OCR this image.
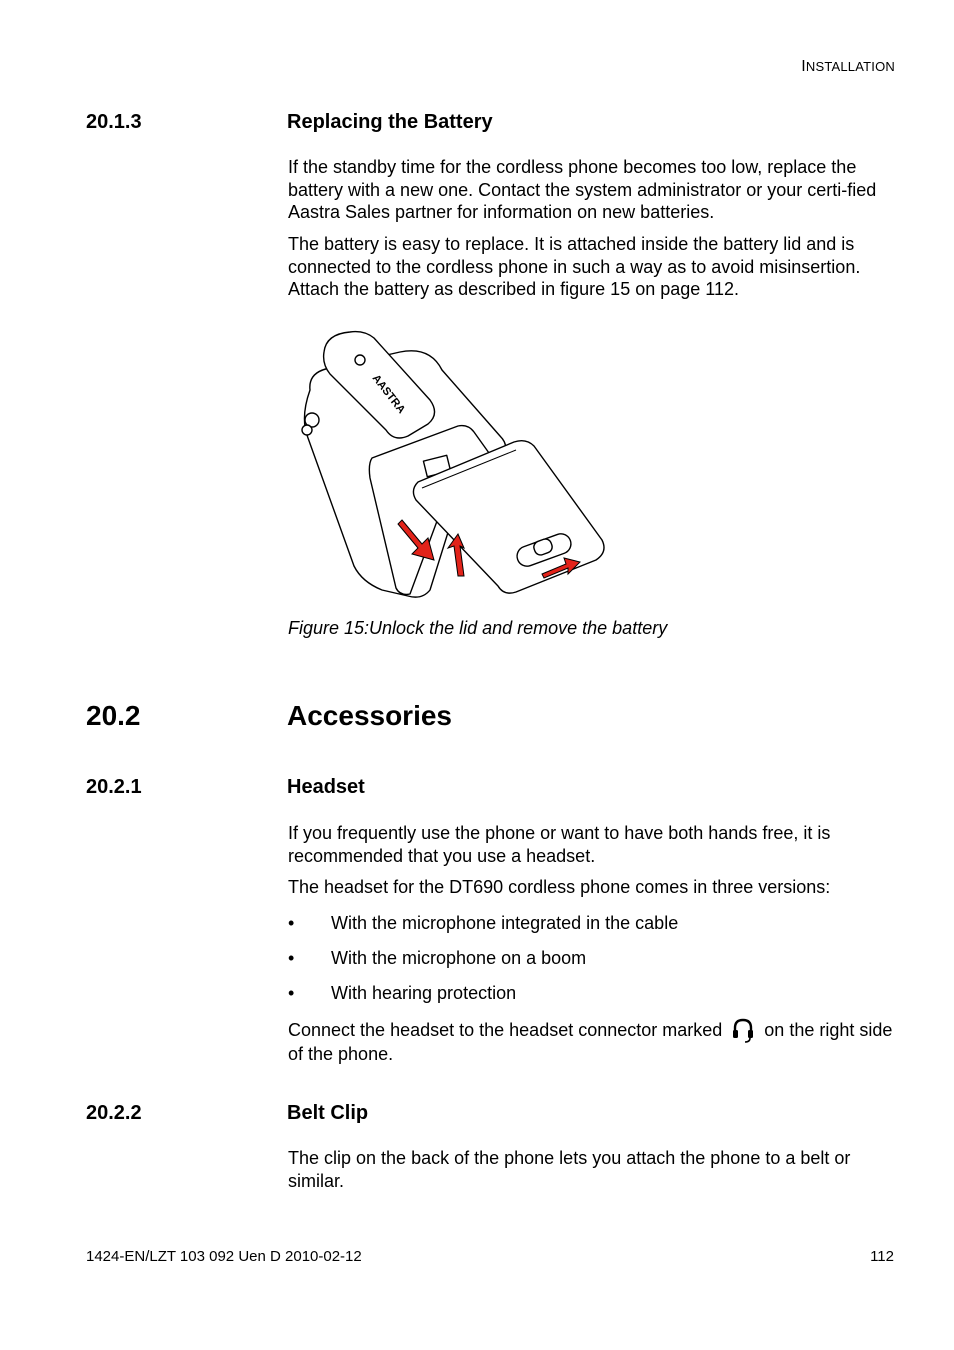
INSTALLATION
20.1.3	Replacing the Battery
If the standby time for the cordless phone becomes too low, replace the battery with a new one. Contact the system administrator or your certi-fied Aastra Sales partner for information on new batteries.
The battery is easy to replace. It is attached inside the battery lid and is connected to the cordless phone in such a way as to avoid misinsertion. Attach the battery as described in figure 15 on page 112.
AASTRA
Figure 15:Unlock the lid and remove the battery
20.2	Accessories
20.2.1	Headset
If you frequently use the phone or want to have both hands free, it is recommended that you use a headset.
The headset for the DT690 cordless phone comes in three versions:
• With the microphone integrated in the cable
• With the microphone on a boom
• With hearing protection
Connect the headset to the headset connector marked on the right side of the phone.
20.2.2	Belt Clip
The clip on the back of the phone lets you attach the phone to a belt or similar.
1424-EN/LZT 103 092 Uen D 2010-02-12	112
